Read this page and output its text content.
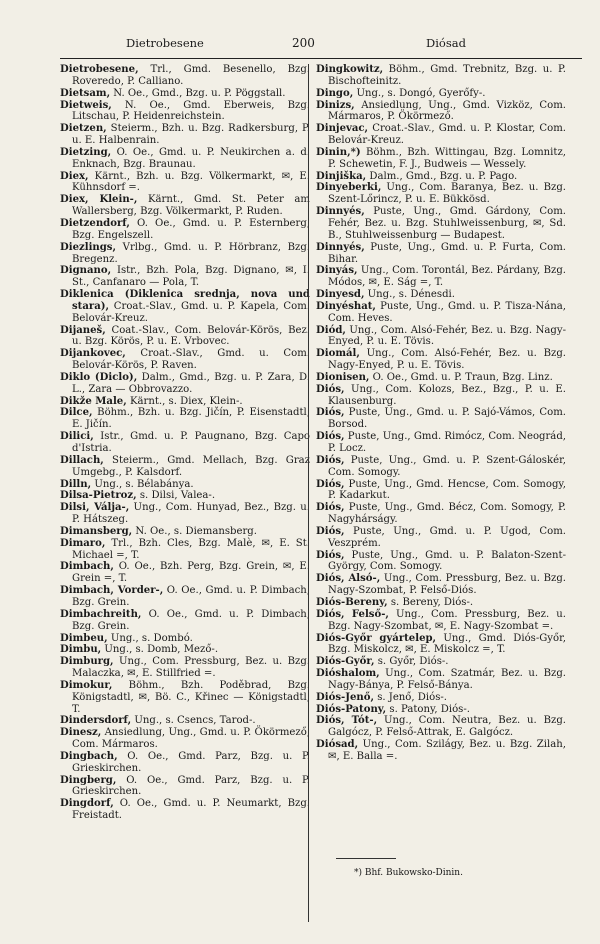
Dietrobesene	200	Diósad

Dietrobesene, Trl., Gmd. Besenello, Bzg. Roveredo, P. Calliano.

Dietsam, N. Oe., Gmd., Bzg. u. P. Pöggstall.

Dietweis, N. Oe., Gmd. Eberweis, Bzg. Litschau, P. Heidenreichstein.

Dietzen, Steierm., Bzh. u. Bzg. Radkersburg, P. u. E. Halbenrain.

Dietzing, O. Oe., Gmd. u. P. Neukirchen a. d. Enknach, Bzg. Braunau.

Diex, Kärnt., Bzh. u. Bzg. Völkermarkt, ✉, E. Kühnsdorf =.

Diex, Klein-, Kärnt., Gmd. St. Peter am Wallersberg, Bzg. Völkermarkt, P. Ruden.

Dietzendorf, O. Oe., Gmd. u. P. Esternberg, Bzg. Engelszell.

Diezlings, Vrlbg., Gmd. u. P. Hörbranz, Bzg. Bregenz.

Dignano, Istr., Bzh. Pola, Bzg. Dignano, ✉, I. St., Canfanaro — Pola, T.

Diklenica (Diklenica srednja, nova und stara), Croat.-Slav., Gmd. u. P. Kapela, Com. Belovár-Kreuz.

Dijaneš, Coat.-Slav., Com. Belovár-Körös, Bez. u. Bzg. Körös, P. u. E. Vrbovec.

Dijankovec, Croat.-Slav., Gmd. u. Com. Belovár-Körös, P. Raven.

Diklo (Diclo), Dalm., Gmd., Bzg. u. P. Zara, D. L., Zara — Obbrovazzo.

Dikže Male, Kärnt., s. Diex, Klein-.

Dilce, Böhm., Bzh. u. Bzg. Jičín, P. Eisenstadtl, E. Jičín.

Dilici, Istr., Gmd. u. P. Paugnano, Bzg. Capo d'Istria.

Dillach, Steierm., Gmd. Mellach, Bzg. Graz Umgebg., P. Kalsdorf.

Dilln, Ung., s. Bélabánya.

Dilsa-Pietroz, s. Dilsi, Valea-.

Dilsi, Válja-, Ung., Com. Hunyad, Bez., Bzg. u. P. Hátszeg.

Dimansberg, N. Oe., s. Diemansberg.

Dimaro, Trl., Bzh. Cles, Bzg. Malè, ✉, E. St. Michael =, T.

Dimbach, O. Oe., Bzh. Perg, Bzg. Grein, ✉, E. Grein =, T.

Dimbach, Vorder-, O. Oe., Gmd. u. P. Dimbach, Bzg. Grein.

Dimbachreith, O. Oe., Gmd. u. P. Dimbach, Bzg. Grein.

Dimbeu, Ung., s. Dombó.

Dimbu, Ung., s. Domb, Mező-.

Dimburg, Ung., Com. Pressburg, Bez. u. Bzg. Malaczka, ✉, E. Stillfried =.

Dimokur, Böhm., Bzh. Poděbrad, Bzg. Königstadtl, ✉, Bö. C., Křinec — Königstadtl, T.

Dindersdorf, Ung., s. Csencs, Tarod-.

Dinesz, Ansiedlung, Ung., Gmd. u. P. Ökörmező, Com. Mármaros.

Dingbach, O. Oe., Gmd. Parz, Bzg. u. P. Grieskirchen.

Dingberg, O. Oe., Gmd. Parz, Bzg. u. P. Grieskirchen.

Dingdorf, O. Oe., Gmd. u. P. Neumarkt, Bzg. Freistadt.

Dingkowitz, Böhm., Gmd. Trebnitz, Bzg. u. P. Bischofteinitz.

Dingo, Ung., s. Dongó, Gyerőfy-.

Dinizs, Ansiedlung, Ung., Gmd. Vizköz, Com. Mármaros, P. Ökörmező.

Dinjevac, Croat.-Slav., Gmd. u. P. Klostar, Com. Belovár-Kreuz.

Dinin,*) Böhm., Bzh. Wittingau, Bzg. Lomnitz, P. Schewetin, F. J., Budweis — Wessely.

Dinjiška, Dalm., Gmd., Bzg. u. P. Pago.

Dinyeberki, Ung., Com. Baranya, Bez. u. Bzg. Szent-Lőrincz, P. u. E. Bükkösd.

Dinnyés, Puste, Ung., Gmd. Gárdony, Com. Fehér, Bez. u. Bzg. Stuhlweissenburg, ✉, Sd. B., Stuhlweissenburg — Budapest.

Dinnyés, Puste, Ung., Gmd. u. P. Furta, Com. Bihar.

Dinyás, Ung., Com. Torontál, Bez. Párdany, Bzg. Módos, ✉, E. Ság =, T.

Dinyesd, Ung., s. Dénesdi.

Dinyéshat, Puste, Ung., Gmd. u. P. Tisza-Nána, Com. Heves.

Diód, Ung., Com. Alsó-Fehér, Bez. u. Bzg. Nagy-Enyed, P. u. E. Tövis.

Diomál, Ung., Com. Alsó-Fehér, Bez. u. Bzg. Nagy-Enyed, P. u. E. Tövis.

Dionisen, O. Oe., Gmd. u. P. Traun, Bzg. Linz.

Diós, Ung., Com. Kolozs, Bez., Bzg., P. u. E. Klausenburg.

Diós, Puste, Ung., Gmd. u. P. Sajó-Vámos, Com. Borsod.

Diós, Puste, Ung., Gmd. Rimócz, Com. Neográd, P. Locz.

Diós, Puste, Ung., Gmd. u. P. Szent-Gáloskér, Com. Somogy.

Diós, Puste, Ung., Gmd. Hencse, Com. Somogy, P. Kadarkut.

Diós, Puste, Ung., Gmd. Bécz, Com. Somogy, P. Nagyhárságy.

Diós, Puste, Ung., Gmd. u. P. Ugod, Com. Veszprém.

Diós, Puste, Ung., Gmd. u. P. Balaton-Szent-György, Com. Somogy.

Diós, Alsó-, Ung., Com. Pressburg, Bez. u. Bzg. Nagy-Szombat, P. Felső-Diós.

Diós-Bereny, s. Bereny, Diós-.

Diós, Felső-, Ung., Com. Pressburg, Bez. u. Bzg. Nagy-Szombat, ✉, E. Nagy-Szombat =.

Diós-Győr gyártelep, Ung., Gmd. Diós-Győr, Bzg. Miskolcz, ✉, E. Miskolcz =, T.

Diós-Győr, s. Győr, Diós-.

Dióshalom, Ung., Com. Szatmár, Bez. u. Bzg. Nagy-Bánya, P. Felső-Bánya.

Diós-Jenő, s. Jenő, Diós-.

Diós-Patony, s. Patony, Diós-.

Diós, Tót-, Ung., Com. Neutra, Bez. u. Bzg. Galgócz, P. Felső-Attrak, E. Galgócz.

Diósad, Ung., Com. Szilágy, Bez. u. Bzg. Zilah, ✉, E. Balla =.

*) Bhf. Bukowsko-Dinin.
